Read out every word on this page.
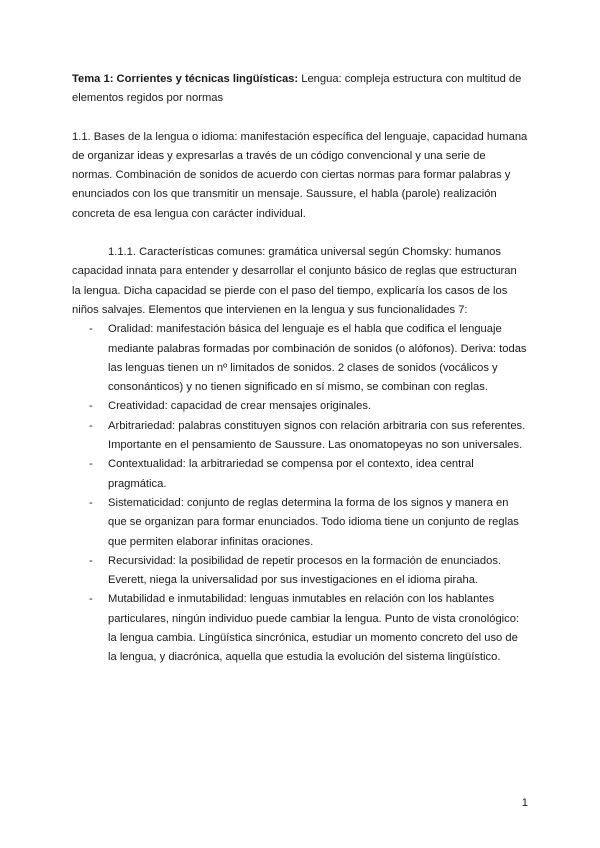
Tema 1: Corrientes y técnicas lingüísticas: Lengua: compleja estructura con multitud de elementos regidos por normas

1.1. Bases de la lengua o idioma: manifestación específica del lenguaje, capacidad humana de organizar ideas y expresarlas a través de un código convencional y una serie de normas. Combinación de sonidos de acuerdo con ciertas normas para formar palabras y enunciados con los que transmitir un mensaje. Saussure, el habla (parole) realización concreta de esa lengua con carácter individual.

1.1.1. Características comunes: gramática universal según Chomsky: humanos capacidad innata para entender y desarrollar el conjunto básico de reglas que estructuran la lengua. Dicha capacidad se pierde con el paso del tiempo, explicaría los casos de los niños salvajes. Elementos que intervienen en la lengua y sus funcionalidades 7:

- Oralidad: manifestación básica del lenguaje es el habla que codifica el lenguaje mediante palabras formadas por combinación de sonidos (o alófonos). Deriva: todas las lenguas tienen un nº limitados de sonidos. 2 clases de sonidos (vocálicos y consonánticos) y no tienen significado en sí mismo, se combinan con reglas.
- Creatividad: capacidad de crear mensajes originales.
- Arbitrariedad: palabras constituyen signos con relación arbitraria con sus referentes. Importante en el pensamiento de Saussure. Las onomatopeyas no son universales.
- Contextualidad: la arbitrariedad se compensa por el contexto, idea central pragmática.
- Sistematicidad: conjunto de reglas determina la forma de los signos y manera en que se organizan para formar enunciados. Todo idioma tiene un conjunto de reglas que permiten elaborar infinitas oraciones.
- Recursividad: la posibilidad de repetir procesos en la formación de enunciados. Everett, niega la universalidad por sus investigaciones en el idioma piraha.
- Mutabilidad e inmutabilidad: lenguas inmutables en relación con los hablantes particulares, ningún individuo puede cambiar la lengua. Punto de vista cronológico: la lengua cambia. Lingüística sincrónica, estudiar un momento concreto del uso de la lengua, y diacrónica, aquella que estudia la evolución del sistema lingüístico.
1
